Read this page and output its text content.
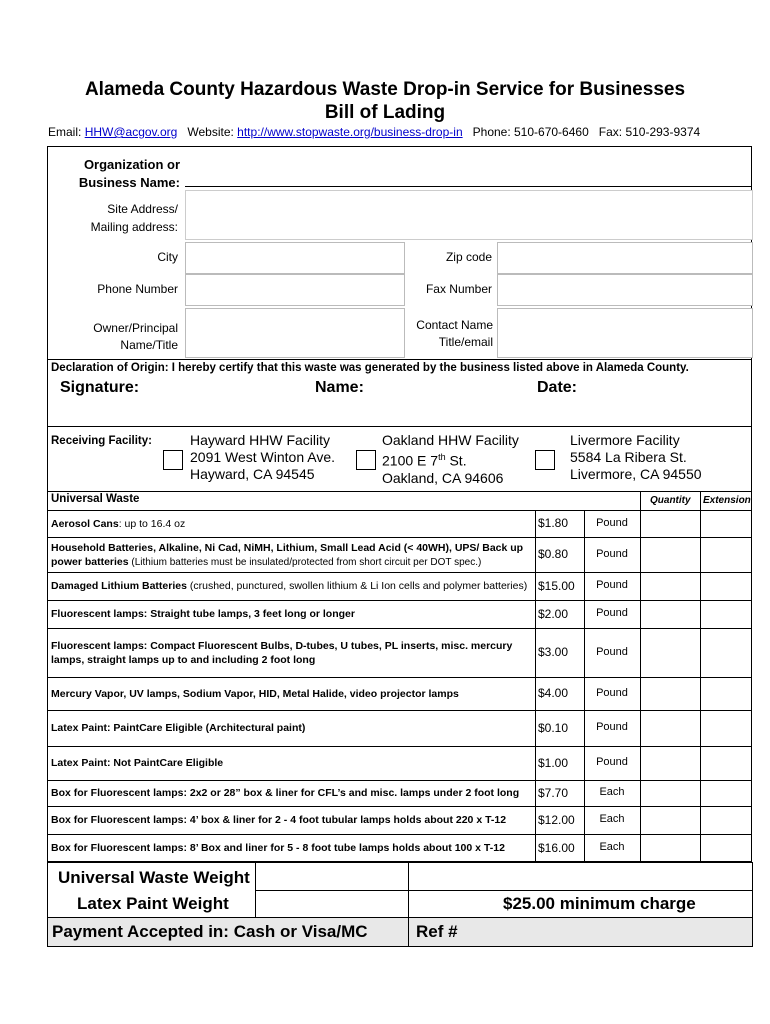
Alameda County Hazardous Waste Drop-in Service for Businesses
Bill of Lading
Email: HHW@acgov.org Website: http://www.stopwaste.org/business-drop-in Phone: 510-670-6460 Fax: 510-293-9374
Organization or
Business Name:
Site Address/
Mailing address:
City	Zip code
Phone Number	Fax Number
Owner/Principal
Name/Title
Contact Name
Title/email
Declaration of Origin: I hereby certify that this waste was generated by the business listed above in Alameda County.
Signature:	Name:	Date:
Receiving Facility:	Hayward HHW Facility
2091 West Winton Ave.
Hayward, CA 94545
Oakland HHW Facility
2100 E 7th St.
Oakland, CA 94606
Livermore Facility
5584 La Ribera St.
Livermore, CA 94550
Universal Waste	Quantity Extension
Aerosol Cans: up to 16.4 oz	$1.80	Pound
Household Batteries, Alkaline, Ni Cad, NiMH, Lithium, Small Lead Acid (< 40WH), UPS/ Back up
power batteries (Lithium batteries must be insulated/protected from short circuit per DOT spec.)
$0.80	Pound
Damaged Lithium Batteries (crushed, punctured, swollen lithium & Li Ion cells and polymer batteries) $15.00	Pound
Fluorescent lamps: Straight tube lamps, 3 feet long or longer	$2.00	Pound
Fluorescent lamps: Compact Fluorescent Bulbs, D-tubes, U tubes, PL inserts, misc. mercury
lamps, straight lamps up to and including 2 foot long
$3.00	Pound
Mercury Vapor, UV lamps, Sodium Vapor, HID, Metal Halide, video projector lamps	$4.00	Pound
Latex Paint: PaintCare Eligible (Architectural paint)	$0.10	Pound
Latex Paint: Not PaintCare Eligible	$1.00	Pound
Box for Fluorescent lamps: 2x2 or 28” box & liner for CFL’s and misc. lamps under 2 foot long $7.70	Each
Box for Fluorescent lamps: 4’ box & liner for 2 - 4 foot tubular lamps holds about 220 x T-12	$12.00	Each
Box for Fluorescent lamps: 8’ Box and liner for 5 - 8 foot tube lamps holds about 100 x T-12	$16.00	Each
Universal Waste Weight
Latex Paint Weight	$25.00 minimum charge
Payment Accepted in: Cash or Visa/MC	Ref #
